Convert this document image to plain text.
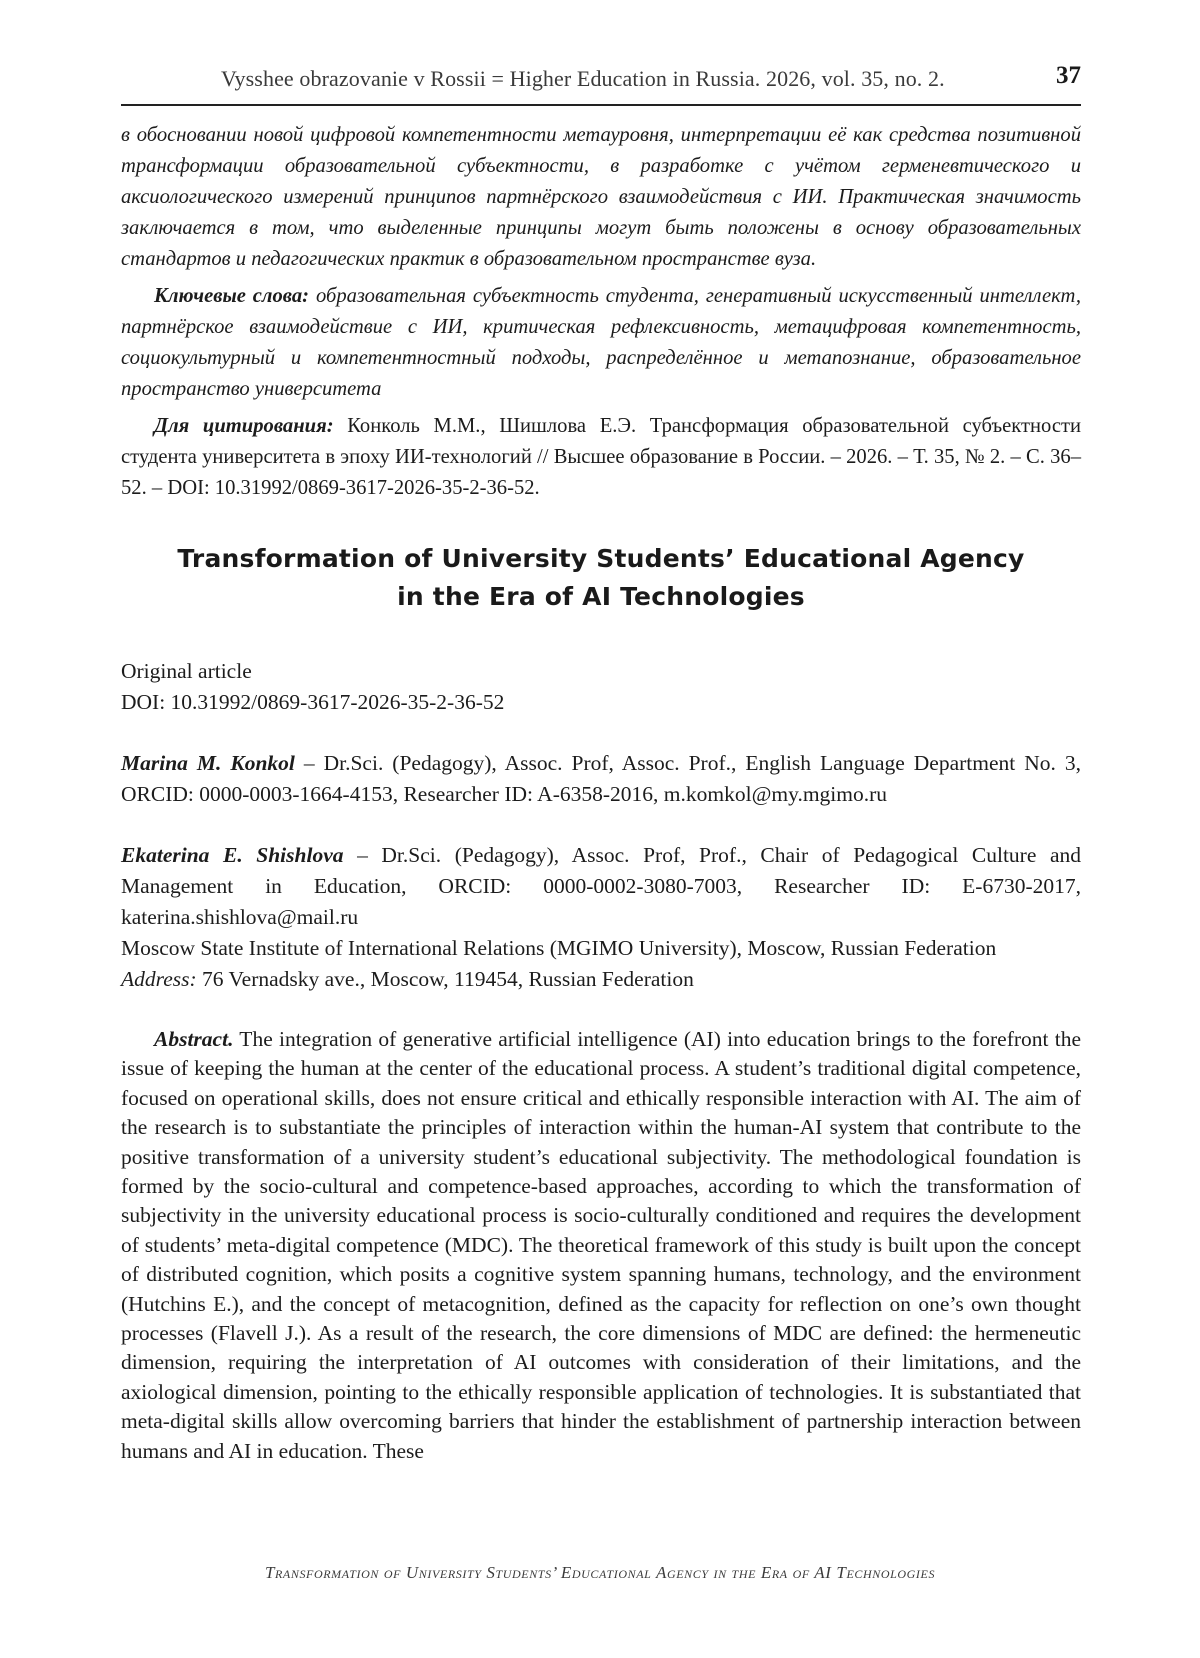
Vysshee obrazovanie v Rossii = Higher Education in Russia. 2026, vol. 35, no. 2.	37

в обосновании новой цифровой компетентности метауровня, интерпретации её как средства позитивной трансформации образовательной субъектности, в разработке с учётом герменевтического и аксиологического измерений принципов партнёрского взаимодействия с ИИ. Практическая значимость заключается в том, что выделенные принципы могут быть положены в основу образовательных стандартов и педагогических практик в образовательном пространстве вуза.

Ключевые слова: образовательная субъектность студента, генеративный искусственный интеллект, партнёрское взаимодействие с ИИ, критическая рефлексивность, метацифровая компетентность, социокультурный и компетентностный подходы, распределённое и метапознание, образовательное пространство университета

Для цитирования: Конколь М.М., Шишлова Е.Э. Трансформация образовательной субъектности студента университета в эпоху ИИ-технологий // Высшее образование в России. – 2026. – Т. 35, № 2. – С. 36–52. – DOI: 10.31992/0869-3617-2026-35-2-36-52.

Transformation of University Students’ Educational Agency
in the Era of AI Technologies
Original article
DOI: 10.31992/0869-3617-2026-35-2-36-52

Marina M. Konkol – Dr.Sci. (Pedagogy), Assoc. Prof, Assoc. Prof., English Language Department No. 3, ORCID: 0000-0003-1664-4153, Researcher ID: A-6358-2016, m.komkol@my.mgimo.ru

Ekaterina E. Shishlova – Dr.Sci. (Pedagogy), Assoc. Prof, Prof., Chair of Pedagogical Culture and Management in Education, ORCID: 0000-0002-3080-7003, Researcher ID: E-6730-2017, katerina.shishlova@mail.ru

Moscow State Institute of International Relations (MGIMO University), Moscow, Russian Federation

Address: 76 Vernadsky ave., Moscow, 119454, Russian Federation

Abstract. The integration of generative artificial intelligence (AI) into education brings to the forefront the issue of keeping the human at the center of the educational process. A student’s traditional digital competence, focused on operational skills, does not ensure critical and ethically responsible interaction with AI. The aim of the research is to substantiate the principles of interaction within the human-AI system that contribute to the positive transformation of a university student’s educational subjectivity. The methodological foundation is formed by the socio-cultural and competence-based approaches, according to which the transformation of subjectivity in the university educational process is socio-culturally conditioned and requires the development of students’ meta-digital competence (MDC). The theoretical framework of this study is built upon the concept of distributed cognition, which posits a cognitive system spanning humans, technology, and the environment (Hutchins E.), and the concept of metacognition, defined as the capacity for reflection on one’s own thought processes (Flavell J.). As a result of the research, the core dimensions of MDC are defined: the hermeneutic dimension, requiring the interpretation of AI outcomes with consideration of their limitations, and the axiological dimension, pointing to the ethically responsible application of technologies. It is substantiated that meta-digital skills allow overcoming barriers that hinder the establishment of partnership interaction between humans and AI in education. These

Transformation of University Students’ Educational Agency in the Era of AI Technologies
